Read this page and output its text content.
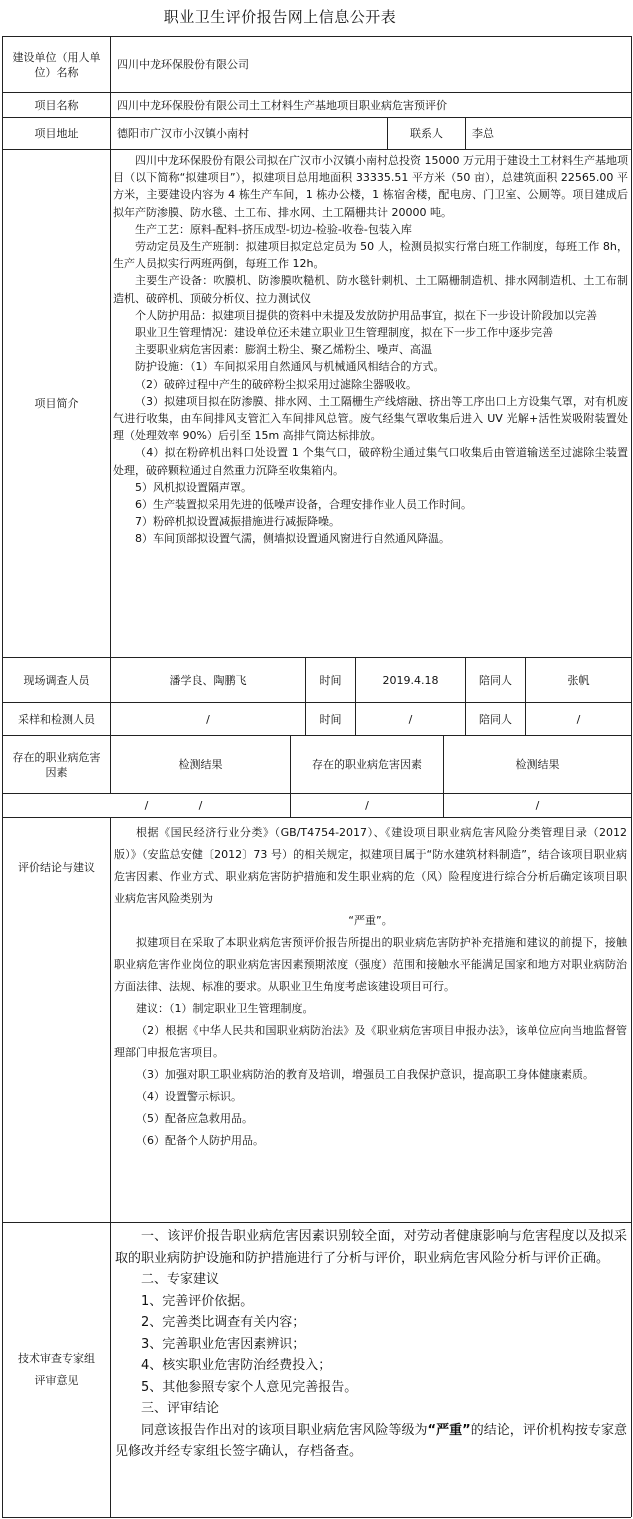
职业卫生评价报告网上信息公开表
建设单位（用人单位）名称
四川中龙环保股份有限公司
项目名称	四川中龙环保股份有限公司土工材料生产基地项目职业病危害预评价
项目地址	德阳市广汉市小汉镇小南村	联系人	李总
项目简介

四川中龙环保股份有限公司拟在广汉市小汉镇小南村总投资 15000 万元用于建设土工材料生产基地项目（以下简称“拟建项目”），拟建项目总用地面积 33335.51 平方米（50 亩），总建筑面积 22565.00 平方米，主要建设内容为 4 栋生产车间，1 栋办公楼，1 栋宿舍楼，配电房、门卫室、公厕等。项目建成后拟年产防渗膜、防水毯、土工布、排水网、土工隔栅共计 20000 吨。

生产工艺：原料-配料-挤压成型-切边-检验-收卷-包装入库

劳动定员及生产班制：拟建项目拟定总定员为 50 人，检测员拟实行常白班工作制度，每班工作 8h，生产人员拟实行两班两倒，每班工作 12h。

主要生产设备：吹膜机、防渗膜吹糙机、防水毯针刺机、土工隔栅制造机、排水网制造机、土工布制造机、破碎机、顶破分析仪、拉力测试仪

个人防护用品：拟建项目提供的资料中未提及发放防护用品事宜，拟在下一步设计阶段加以完善

职业卫生管理情况：建设单位还未建立职业卫生管理制度，拟在下一步工作中逐步完善

主要职业病危害因素：膨润土粉尘、聚乙烯粉尘、噪声、高温

防护设施：（1）车间拟采用自然通风与机械通风相结合的方式。

（2）破碎过程中产生的破碎粉尘拟采用过滤除尘器吸收。

（3）拟建项目拟在防渗膜、排水网、土工隔栅生产线熔融、挤出等工序出口上方设集气罩，对有机废气进行收集，由车间排风支管汇入车间排风总管。废气经集气罩收集后进入 UV 光解+活性炭吸附装置处理（处理效率 90%）后引至 15m 高排气筒达标排放。

（4）拟在粉碎机出料口处设置 1 个集气口，破碎粉尘通过集气口收集后由管道输送至过滤除尘装置处理，破碎颗粒通过自然重力沉降至收集箱内。

5）风机拟设置隔声罩。

6）生产装置拟采用先进的低噪声设备，合理安排作业人员工作时间。

7）粉碎机拟设置减振措施进行减振降噪。

8）车间顶部拟设置气濡，侧墙拟设置通风窗进行自然通风降温。

现场调查人员	潘学良、陶鹏飞	时间	2019.4.18	陪同人	张帆
采样和检测人员	/	时间	/	陪同人	/
存在的职业病危害因素
检测结果	存在的职业病危害因素	检测结果
/	/	/	/
评价结论与建议

根据《国民经济行业分类》（GB/T4754-2017）、《建设项目职业病危害风险分类管理目录（2012 版）》（安监总安健〔2012〕73 号）的相关规定，拟建项目属于“防水建筑材料制造”，结合该项目职业病危害因素、作业方式、职业病危害防护措施和发生职业病的危（风）险程度进行综合分析后确定该项目职业病危害风险类别为

“严重”。

拟建项目在采取了本职业病危害预评价报告所提出的职业病危害防护补充措施和建议的前提下，接触职业病危害作业岗位的职业病危害因素预期浓度（强度）范围和接触水平能满足国家和地方对职业病防治方面法律、法规、标准的要求。从职业卫生角度考虑该建设项目可行。

建议：（1）制定职业卫生管理制度。

（2）根据《中华人民共和国职业病防治法》及《职业病危害项目申报办法》，该单位应向当地监督管理部门申报危害项目。

（3）加强对职工职业病防治的教育及培训，增强员工自我保护意识，提高职工身体健康素质。

（4）设置警示标识。

（5）配备应急救用品。

（6）配备个人防护用品。

技术审查专家组评审意见

一、该评价报告职业病危害因素识别较全面，对劳动者健康影响与危害程度以及拟采取的职业病防护设施和防护措施进行了分析与评价，职业病危害风险分析与评价正确。

二、专家建议

1、完善评价依据。

2、完善类比调查有关内容；

3、完善职业危害因素辨识；

4、核实职业危害防治经费投入；

5、其他参照专家个人意见完善报告。

三、评审结论

同意该报告作出对的该项目职业病危害风险等级为“严重”的结论，评价机构按专家意见修改并经专家组长签字确认，存档备查。
